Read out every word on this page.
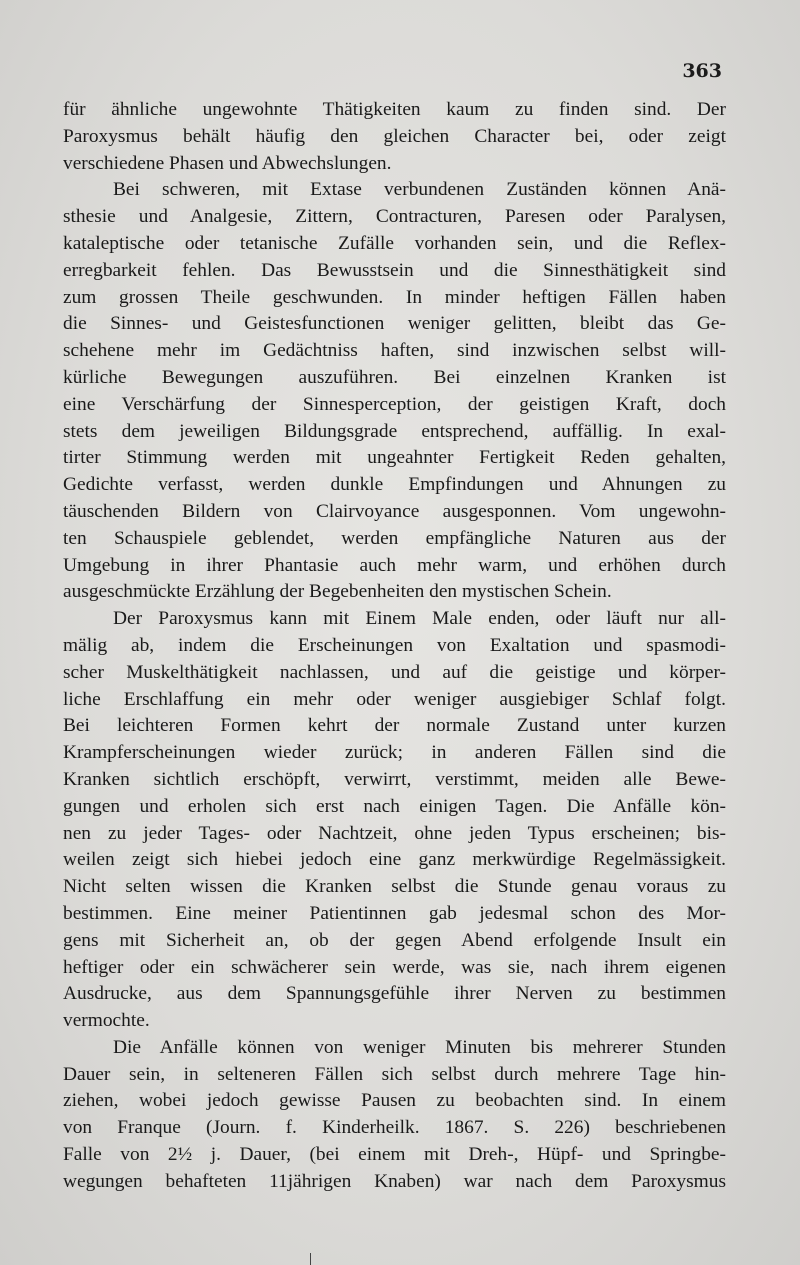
363
für ähnliche ungewohnte Thätigkeiten kaum zu finden sind. Der
Paroxysmus behält häufig den gleichen Character bei, oder zeigt
verschiedene Phasen und Abwechslungen.
Bei schweren, mit Extase verbundenen Zuständen können Anä-
sthesie und Analgesie, Zittern, Contracturen, Paresen oder Paralysen,
kataleptische oder tetanische Zufälle vorhanden sein, und die Reflex-
erregbarkeit fehlen. Das Bewusstsein und die Sinnesthätigkeit sind
zum grossen Theile geschwunden. In minder heftigen Fällen haben
die Sinnes- und Geistesfunctionen weniger gelitten, bleibt das Ge-
schehene mehr im Gedächtniss haften, sind inzwischen selbst will-
kürliche Bewegungen auszuführen. Bei einzelnen Kranken ist
eine Verschärfung der Sinnesperception, der geistigen Kraft, doch
stets dem jeweiligen Bildungsgrade entsprechend, auffällig. In exal-
tirter Stimmung werden mit ungeahnter Fertigkeit Reden gehalten,
Gedichte verfasst, werden dunkle Empfindungen und Ahnungen zu
täuschenden Bildern von Clairvoyance ausgesponnen. Vom ungewohn-
ten Schauspiele geblendet, werden empfängliche Naturen aus der
Umgebung in ihrer Phantasie auch mehr warm, und erhöhen durch
ausgeschmückte Erzählung der Begebenheiten den mystischen Schein.
Der Paroxysmus kann mit Einem Male enden, oder läuft nur all-
mälig ab, indem die Erscheinungen von Exaltation und spasmodi-
scher Muskelthätigkeit nachlassen, und auf die geistige und körper-
liche Erschlaffung ein mehr oder weniger ausgiebiger Schlaf folgt.
Bei leichteren Formen kehrt der normale Zustand unter kurzen
Krampferscheinungen wieder zurück; in anderen Fällen sind die
Kranken sichtlich erschöpft, verwirrt, verstimmt, meiden alle Bewe-
gungen und erholen sich erst nach einigen Tagen. Die Anfälle kön-
nen zu jeder Tages- oder Nachtzeit, ohne jeden Typus erscheinen; bis-
weilen zeigt sich hiebei jedoch eine ganz merkwürdige Regelmässigkeit.
Nicht selten wissen die Kranken selbst die Stunde genau voraus zu
bestimmen. Eine meiner Patientinnen gab jedesmal schon des Mor-
gens mit Sicherheit an, ob der gegen Abend erfolgende Insult ein
heftiger oder ein schwächerer sein werde, was sie, nach ihrem eigenen
Ausdrucke, aus dem Spannungsgefühle ihrer Nerven zu bestimmen
vermochte.
Die Anfälle können von weniger Minuten bis mehrerer Stunden
Dauer sein, in selteneren Fällen sich selbst durch mehrere Tage hin-
ziehen, wobei jedoch gewisse Pausen zu beobachten sind. In einem
von Franque (Journ. f. Kinderheilk. 1867. S. 226) beschriebenen
Falle von 2½ j. Dauer, (bei einem mit Dreh-, Hüpf- und Springbe-
wegungen behafteten 11jährigen Knaben) war nach dem Paroxysmus
